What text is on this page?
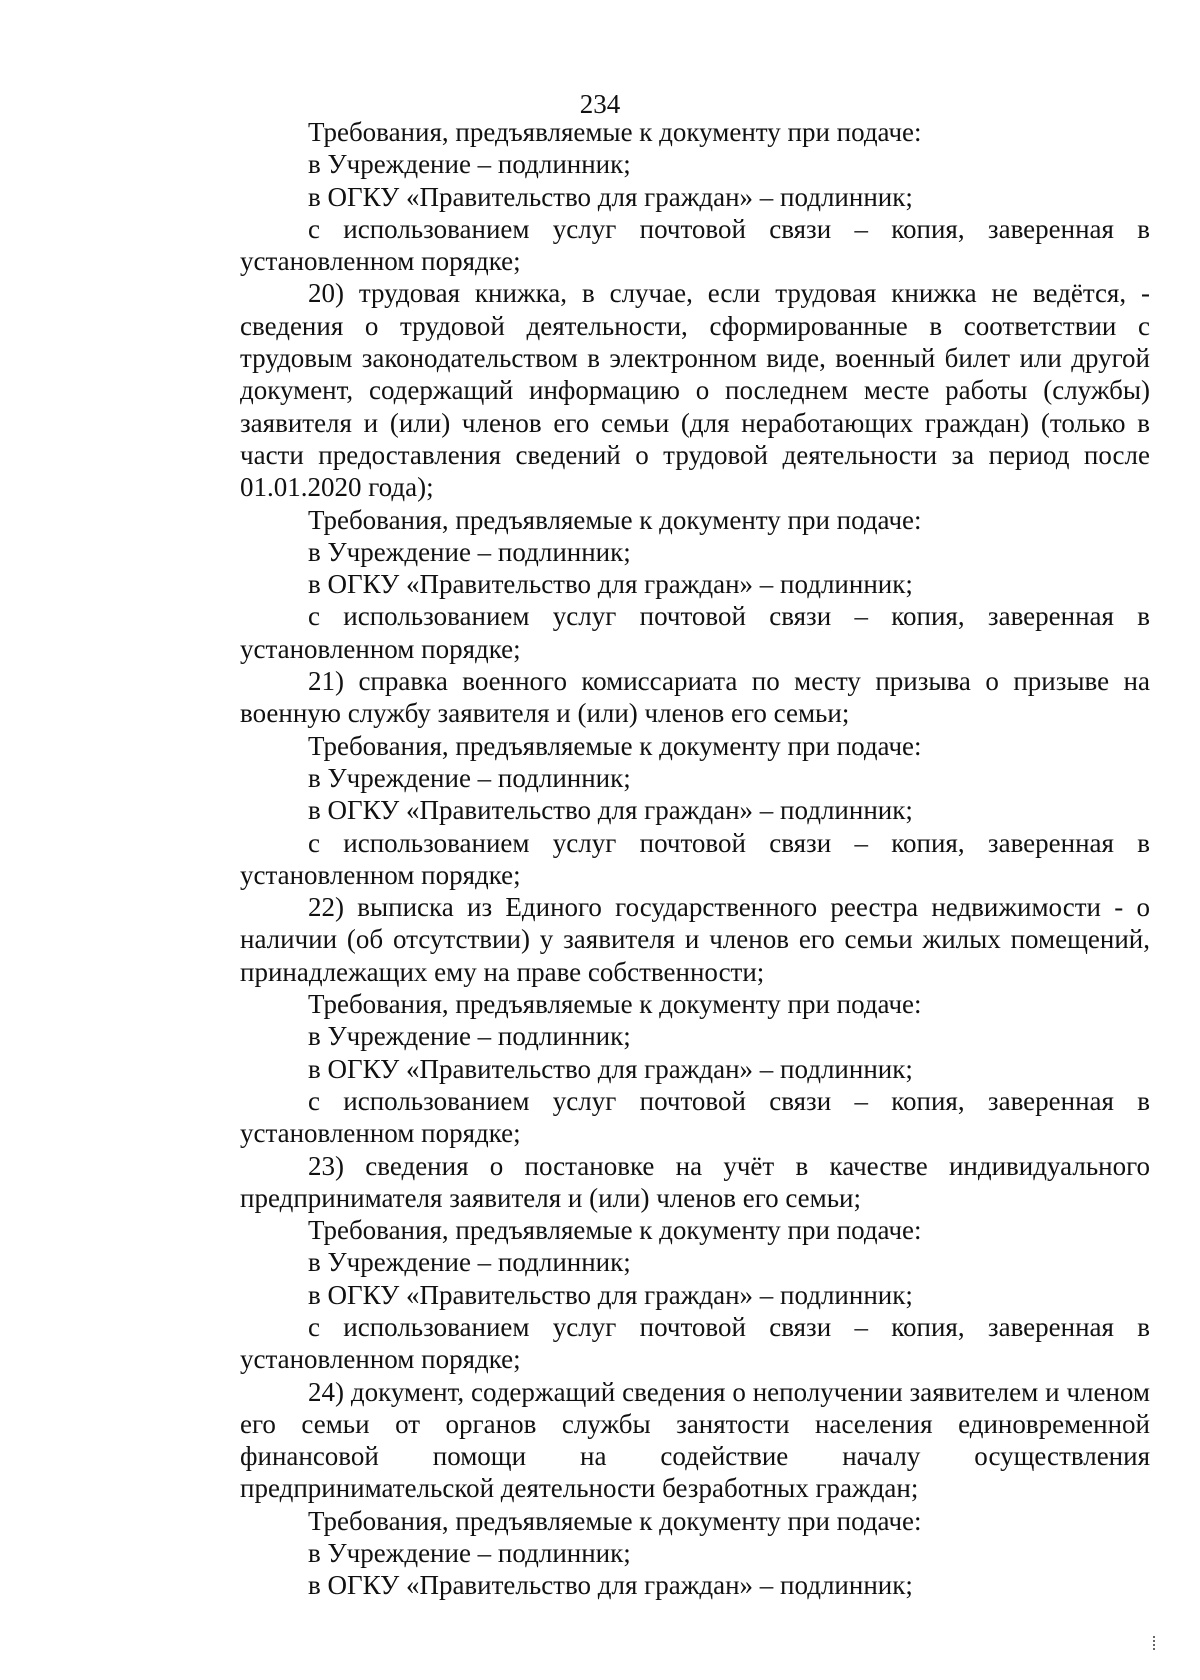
234

Требования, предъявляемые к документу при подаче:

в Учреждение – подлинник;

в ОГКУ «Правительство для граждан» – подлинник;

с использованием услуг почтовой связи – копия, заверенная в установленном порядке;

20) трудовая книжка, в случае, если трудовая книжка не ведётся, - сведения о трудовой деятельности, сформированные в соответствии с трудовым законодательством в электронном виде, военный билет или другой документ, содержащий информацию о последнем месте работы (службы) заявителя и (или) членов его семьи (для неработающих граждан) (только в части предоставления сведений о трудовой деятельности за период после 01.01.2020 года);

Требования, предъявляемые к документу при подаче:

в Учреждение – подлинник;

в ОГКУ «Правительство для граждан» – подлинник;

с использованием услуг почтовой связи – копия, заверенная в установленном порядке;

21) справка военного комиссариата по месту призыва о призыве на военную службу заявителя и (или) членов его семьи;

Требования, предъявляемые к документу при подаче:

в Учреждение – подлинник;

в ОГКУ «Правительство для граждан» – подлинник;

с использованием услуг почтовой связи – копия, заверенная в установленном порядке;

22) выписка из Единого государственного реестра недвижимости - о наличии (об отсутствии) у заявителя и членов его семьи жилых помещений, принадлежащих ему на праве собственности;

Требования, предъявляемые к документу при подаче:

в Учреждение – подлинник;

в ОГКУ «Правительство для граждан» – подлинник;

с использованием услуг почтовой связи – копия, заверенная в установленном порядке;

23) сведения о постановке на учёт в качестве индивидуального предпринимателя заявителя и (или) членов его семьи;

Требования, предъявляемые к документу при подаче:

в Учреждение – подлинник;

в ОГКУ «Правительство для граждан» – подлинник;

с использованием услуг почтовой связи – копия, заверенная в установленном порядке;

24) документ, содержащий сведения о неполучении заявителем и членом его семьи от органов службы занятости населения единовременной финансовой помощи на содействие началу осуществления предпринимательской деятельности безработных граждан;

Требования, предъявляемые к документу при подаче:

в Учреждение – подлинник;

в ОГКУ «Правительство для граждан» – подлинник;
